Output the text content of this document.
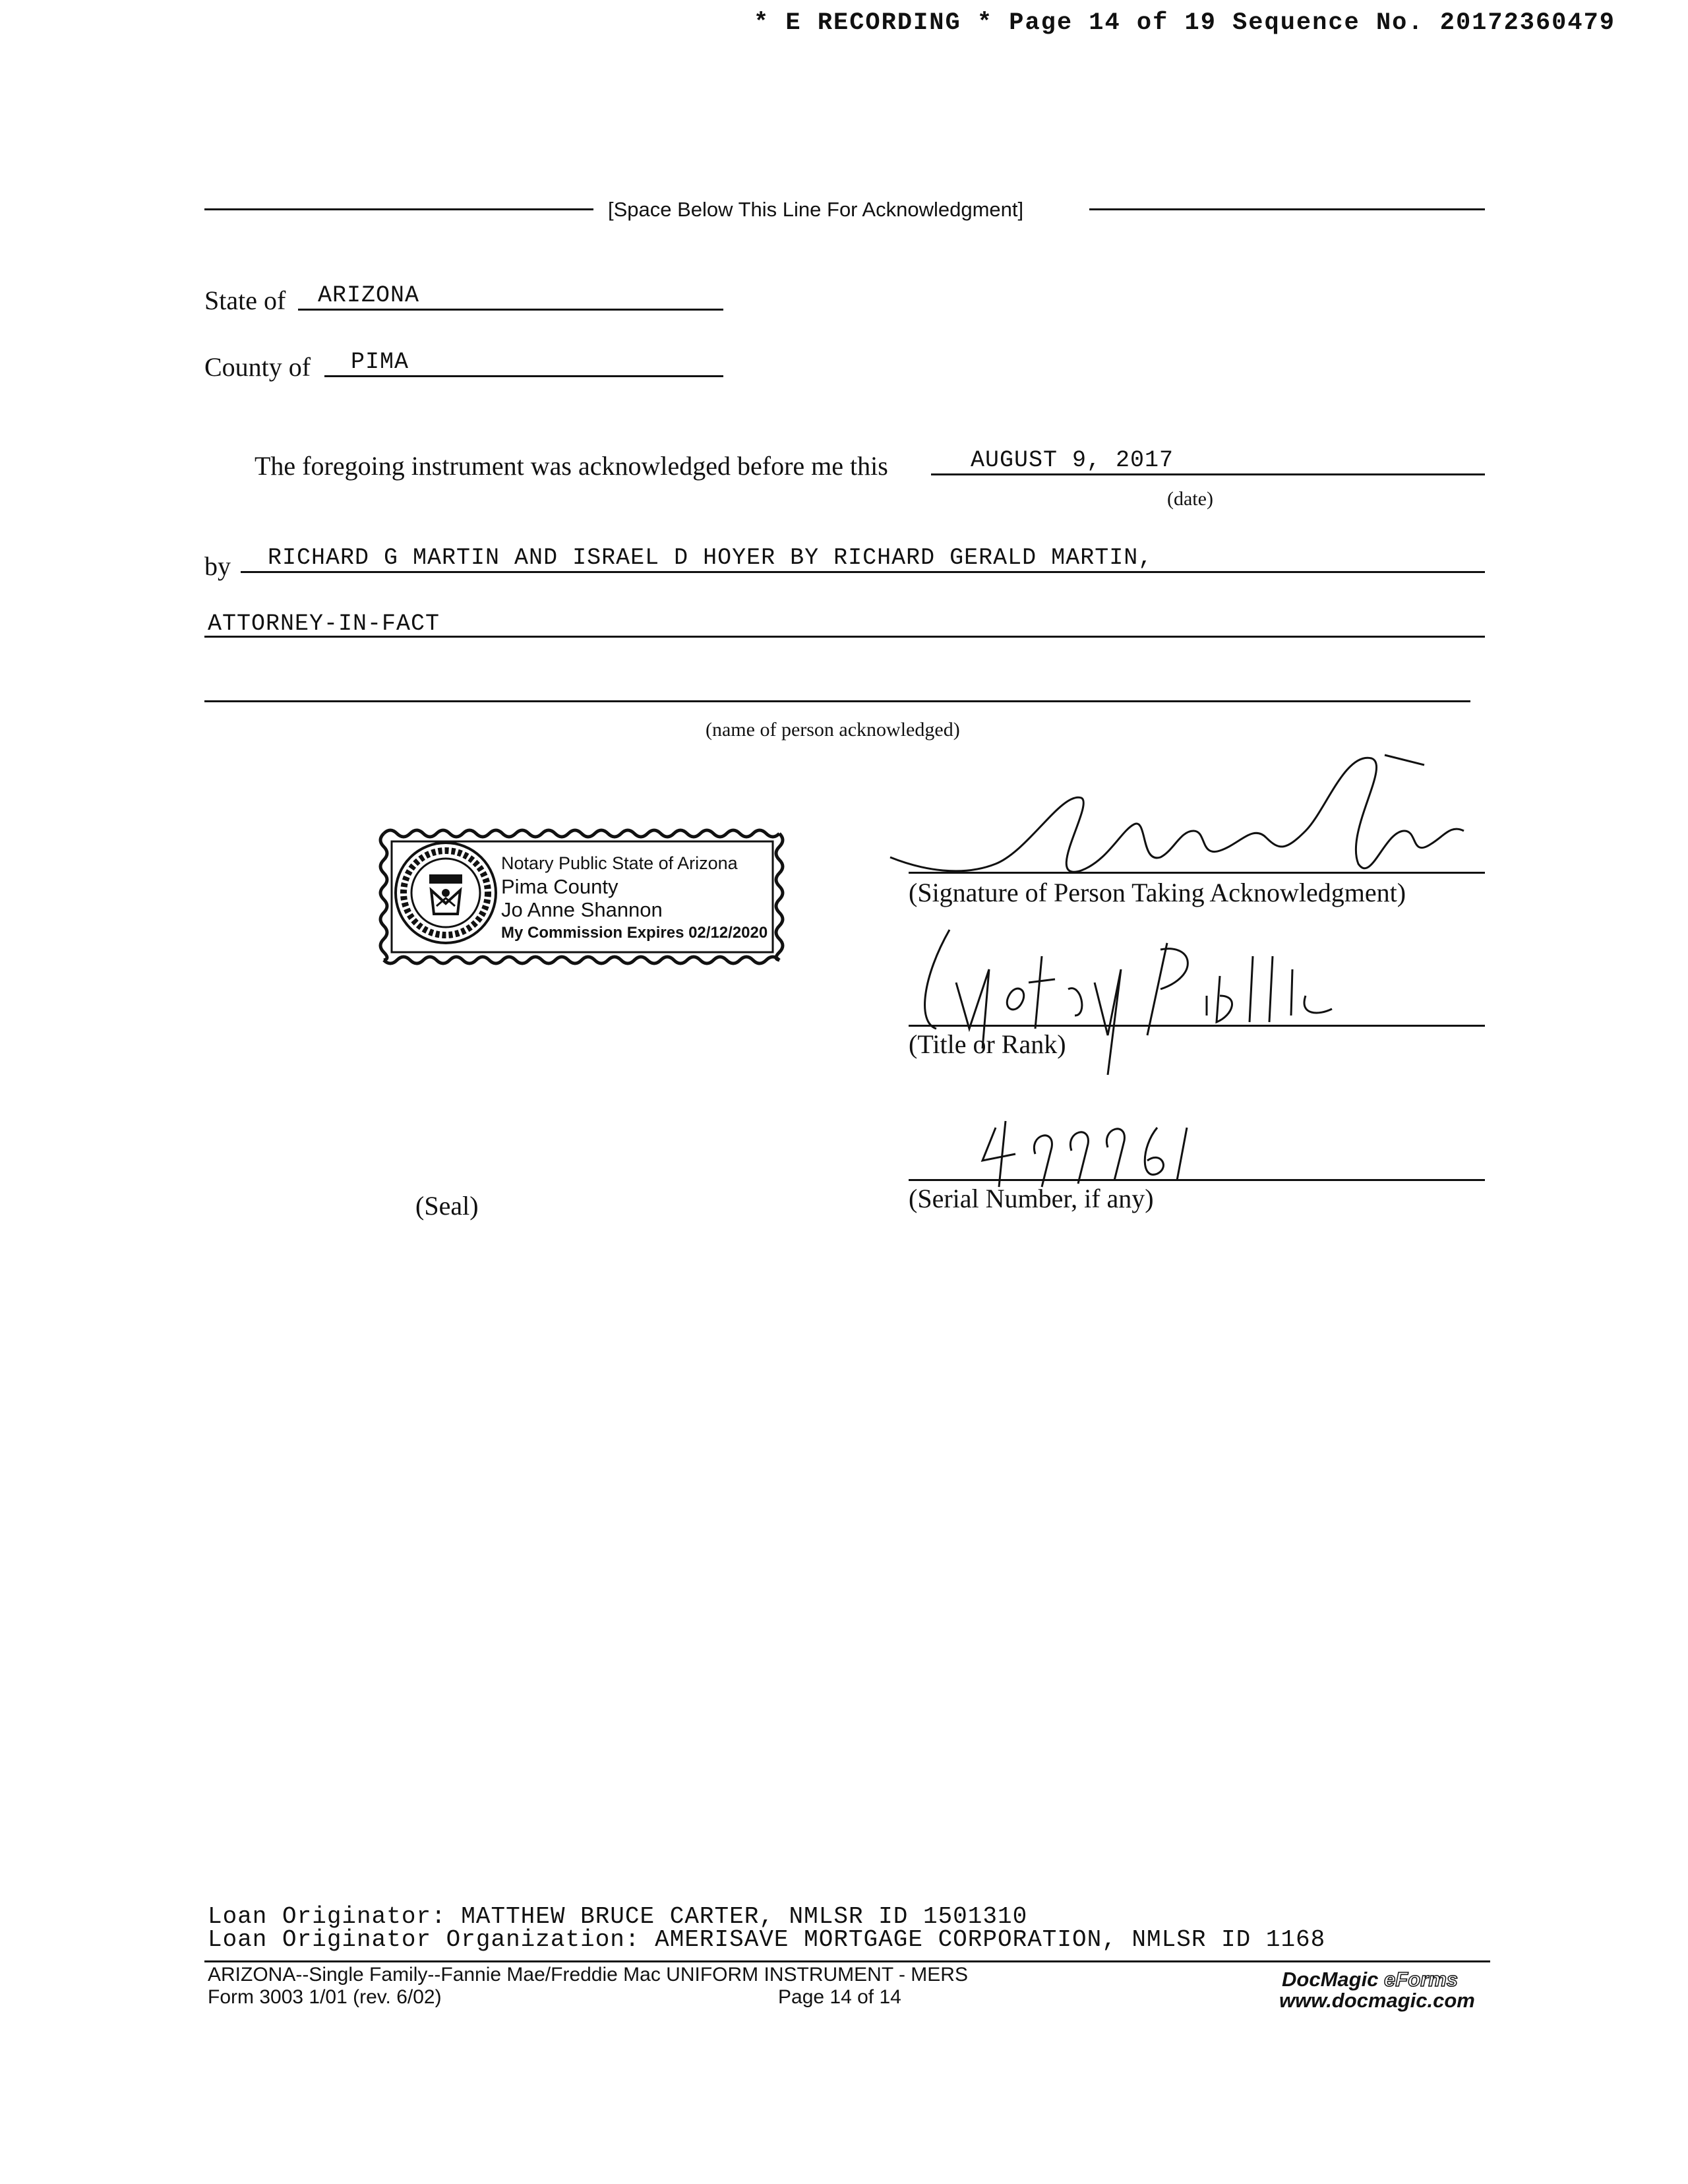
* E RECORDING * Page 14 of 19 Sequence No. 20172360479
[Space Below This Line For Acknowledgment]
State of ARIZONA
County of PIMA
The foregoing instrument was acknowledged before me this	AUGUST 9, 2017
(date)
by RICHARD G MARTIN AND ISRAEL D HOYER BY RICHARD GERALD MARTIN,
ATTORNEY-IN-FACT
(name of person acknowledged)
Notary Public State of Arizona
Pima County
Jo Anne Shannon
My Commission Expires 02/12/2020
(Seal)
(Signature of Person Taking Acknowledgment)
(Title or Rank)
(Serial Number, if any)
Loan Originator: MATTHEW BRUCE CARTER, NMLSR ID 1501310
Loan Originator Organization: AMERISAVE MORTGAGE CORPORATION, NMLSR ID 1168
ARIZONA--Single Family--Fannie Mae/Freddie Mac UNIFORM INSTRUMENT - MERS
Form 3003 1/01 (rev. 6/02)	Page 14 of 14
DocMagic eForms
www.docmagic.com
